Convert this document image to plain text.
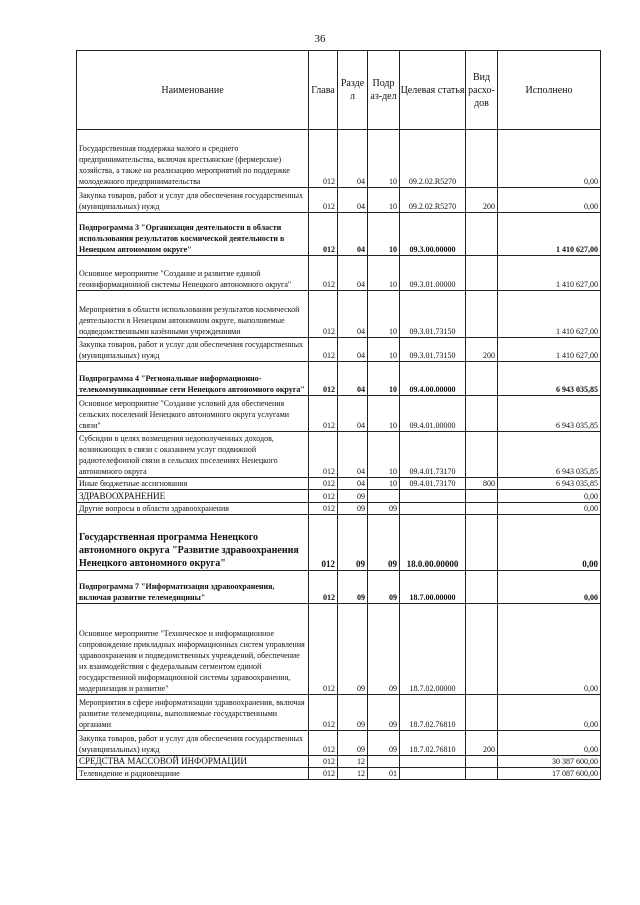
36
Наименование	Глава	Разде л	Подр аз-дел	Целевая статья	Вид расхо- дов	Исполнено
Государственная поддержка малого и среднего предпринимательства, включая крестьянские (фермерские) хозяйства, а также на реализацию мероприятий по поддержке молодежного предпринимательства	012	04	10	09.2.02.R5270		0,00
Закупка товаров, работ и услуг для обеспечения государственных (муниципальных) нужд	012	04	10	09.2.02.R5270	200	0,00
Подпрограмма 3 "Организация деятельности в области использования результатов космической деятельности в Ненецком автономном округе"	012	04	10	09.3.00.00000		1 410 627,00
Основное мероприятие "Создание и развитие единой геоинформационной системы Ненецкого автономного округа"	012	04	10	09.3.01.00000		1 410 627,00
Мероприятия в области использования результатов космической деятельности в Ненецком автономном округе, выполняемые подведомственными казёнными учреждениями	012	04	10	09.3.01.73150		1 410 627,00
Закупка товаров, работ и услуг для обеспечения государственных (муниципальных) нужд	012	04	10	09.3.01.73150	200	1 410 627,00
Подпрограмма 4 "Региональные информационно-телекоммуникационные сети Ненецкого автономного округа"	012	04	10	09.4.00.00000		6 943 035,85
Основное мероприятие "Создание условий для обеспечения сельских поселений Ненецкого автономного округа услугами связи"	012	04	10	09.4.01.00000		6 943 035,85
Субсидии в целях возмещения недополученных доходов, возникающих в связи с оказанием услуг подвижной радиотелефонной связи в сельских поселениях Ненецкого автономного округа	012	04	10	09.4.01.73170		6 943 035,85
Иные бюджетные ассигнования	012	04	10	09.4.01.73170	800	6 943 035,85
ЗДРАВООХРАНЕНИЕ	012	09				0,00
Другие вопросы в области здравоохранения	012	09	09			0,00
Государственная программа Ненецкого автономного округа "Развитие здравоохранения Ненецкого автономного округа"	012	09	09	18.0.00.00000		0,00
Подпрограмма 7 "Информатизация здравоохранения, включая развитие телемедицины"	012	09	09	18.7.00.00000		0,00
Основное мероприятие "Техническое и информационное сопровождение прикладных информационных систем управления здравоохранения и подведомственных учреждений, обеспечение их взаимодействия с федеральным сегментом единой государственной информационной системы здравоохранения, модернизация и развитие"	012	09	09	18.7.02.00000		0,00
Мероприятия в сфере информатизации здравоохранения, включая развитие телемедицины, выполняемые государственными органами	012	09	09	18.7.02.76810		0,00
Закупка товаров, работ и услуг для обеспечения государственных (муниципальных) нужд	012	09	09	18.7.02.76810	200	0,00
СРЕДСТВА МАССОВОЙ ИНФОРМАЦИИ	012	12				30 387 600,00
Телевидение и радиовещание	012	12	01			17 087 600,00
